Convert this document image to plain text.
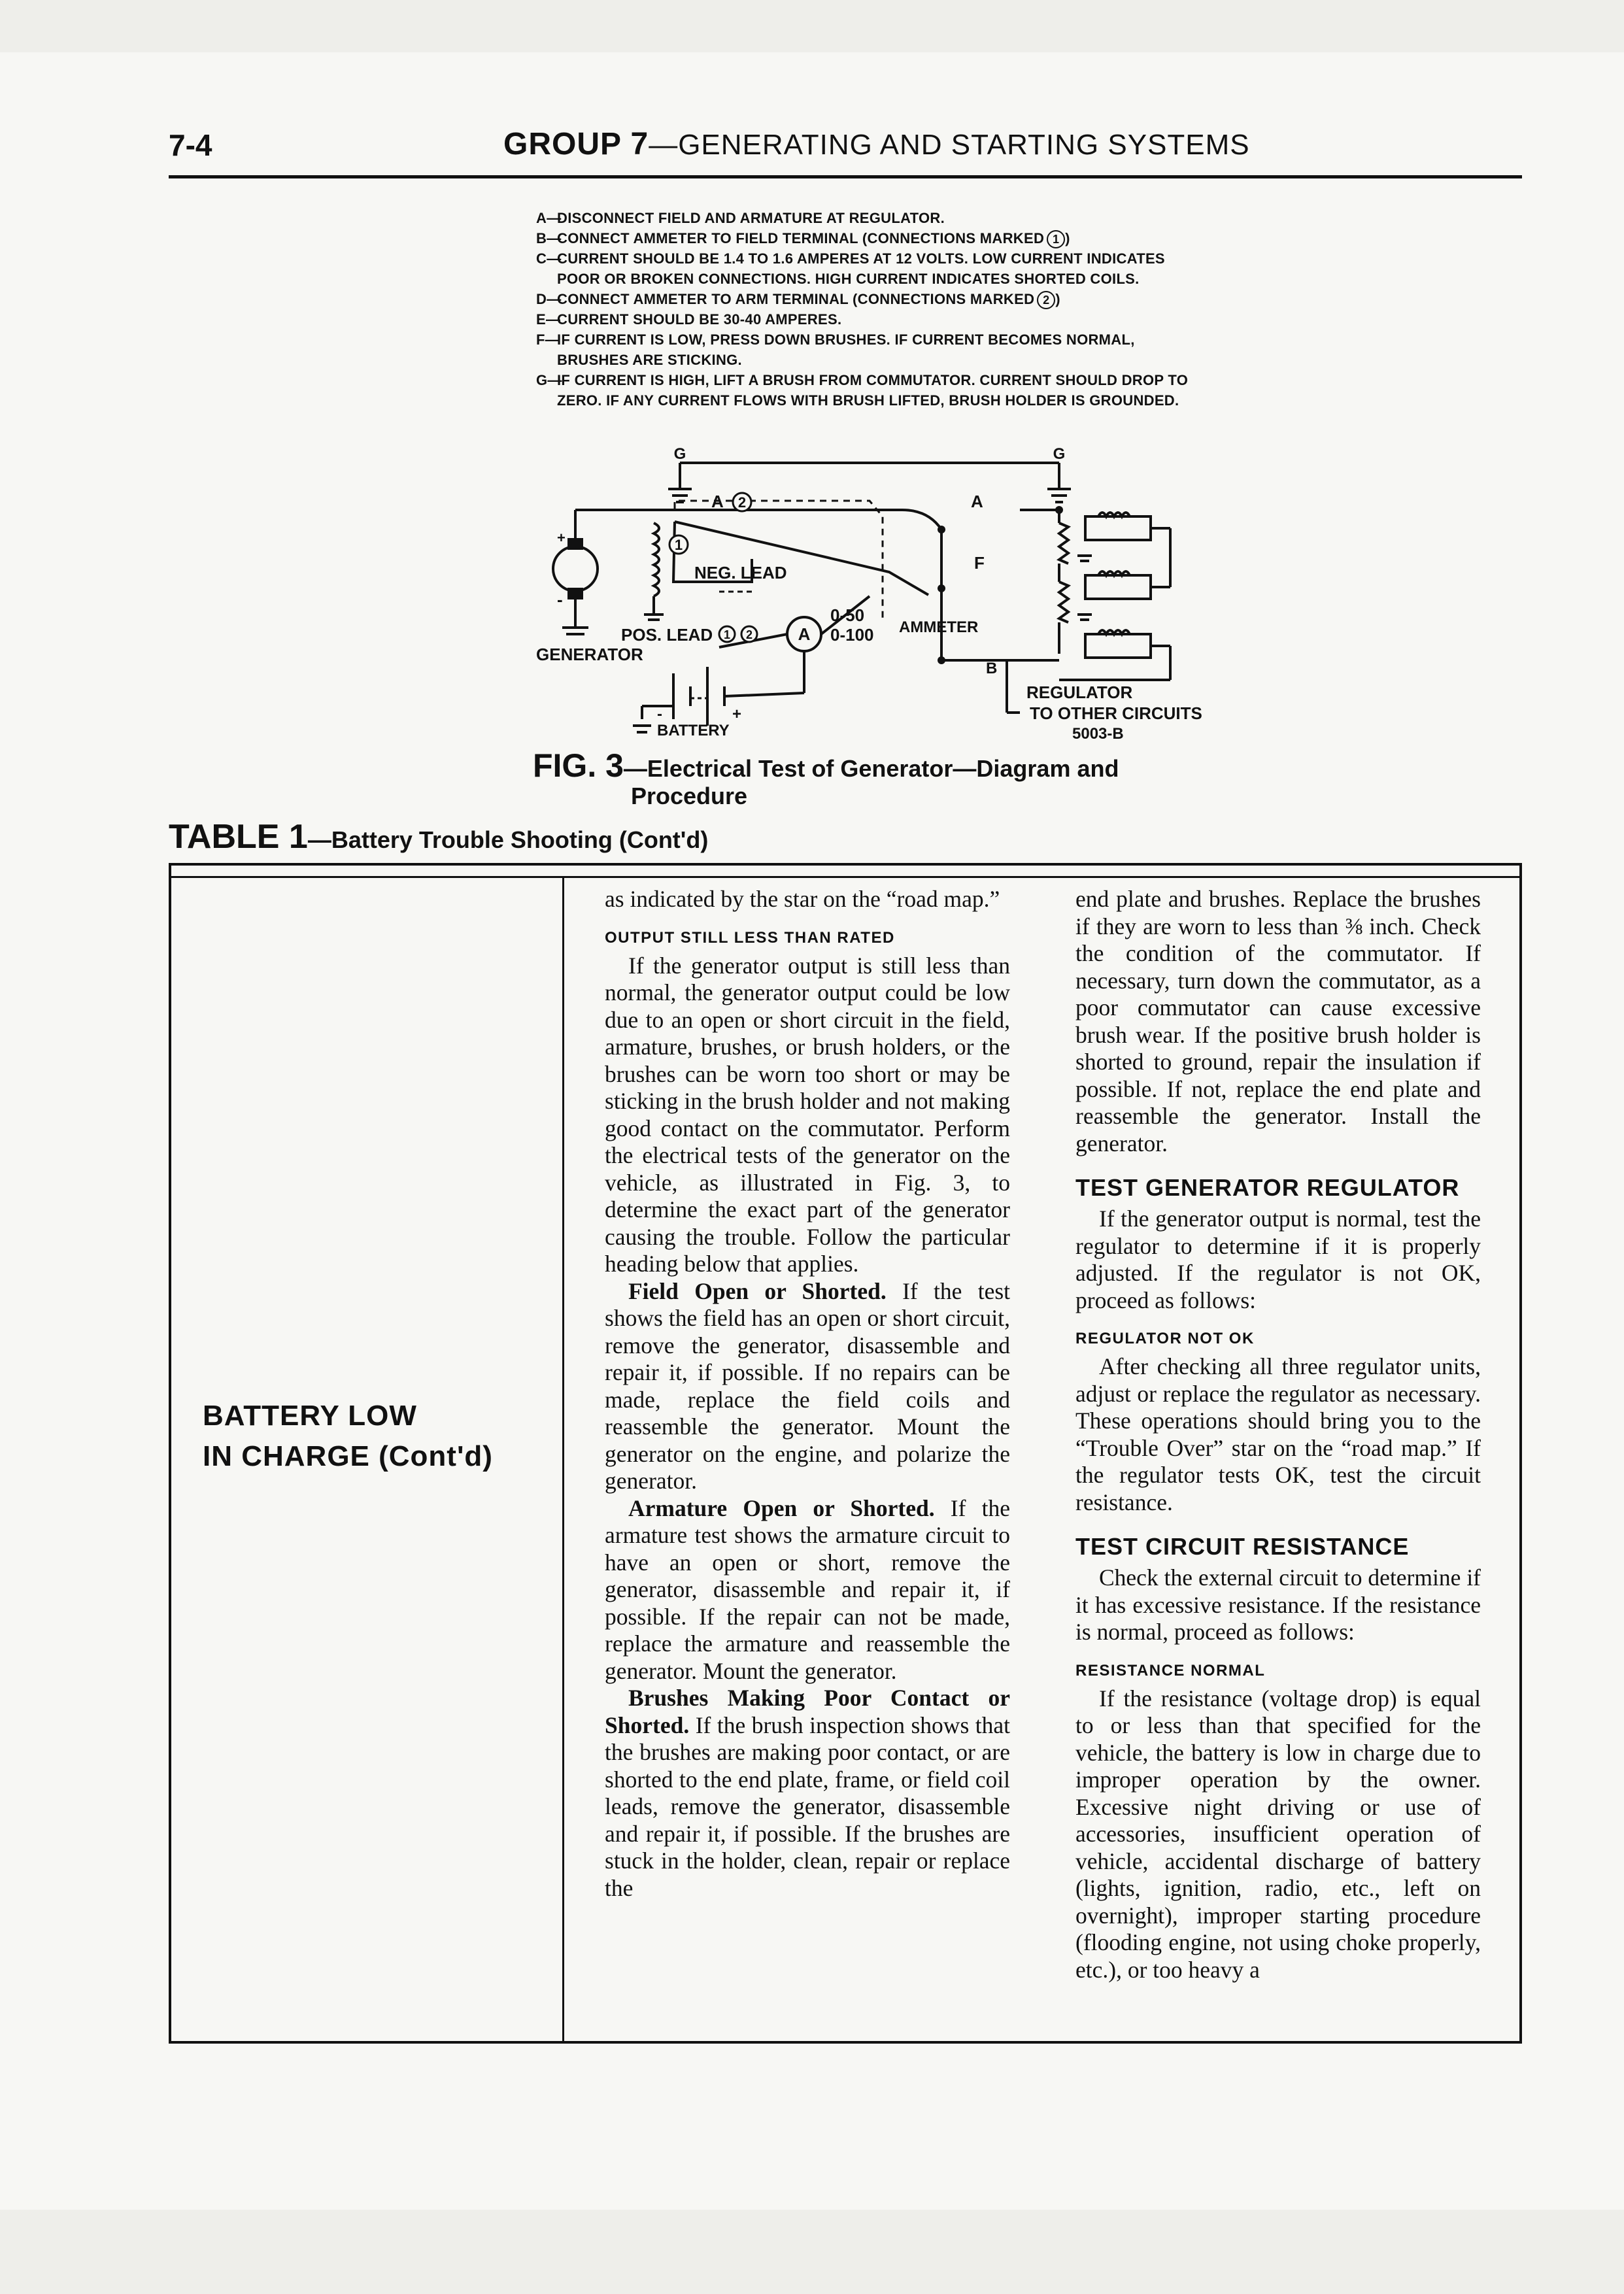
7-4	GROUP 7—GENERATING AND STARTING SYSTEMS

A—
DISCONNECT FIELD AND ARMATURE AT REGULATOR.

B—
CONNECT AMMETER TO FIELD TERMINAL (CONNECTIONS MARKED 1 )

C—
CURRENT SHOULD BE 1.4 TO 1.6 AMPERES AT 12 VOLTS. LOW CURRENT INDICATES POOR OR BROKEN CONNECTIONS. HIGH CURRENT INDICATES SHORTED COILS.

D—
CONNECT AMMETER TO ARM TERMINAL (CONNECTIONS MARKED 2 )

E—
CURRENT SHOULD BE 30-40 AMPERES.

F—
IF CURRENT IS LOW, PRESS DOWN BRUSHES. IF CURRENT BECOMES NORMAL, BRUSHES ARE STICKING.

G—
IF CURRENT IS HIGH, LIFT A BRUSH FROM COMMUTATOR. CURRENT SHOULD DROP TO ZERO. IF ANY CURRENT FLOWS WITH BRUSH LIFTED, BRUSH HOLDER IS GROUNDED.

2
1
1 2
G	G
A	A
+
-
NEG. LEAD
POS. LEAD
GENERATOR
A
0-50
0-100 AMMETER
+
-
BATTERY
F
B
REGULATOR
TO OTHER CIRCUITS
5003-B
FIG. 3—Electrical Test of Generator—Diagram and
Procedure
TABLE 1—Battery Trouble Shooting (Cont'd)
BATTERY LOW
IN CHARGE (Cont'd)

as indicated by the star on the “road map.”

OUTPUT STILL LESS THAN RATED

If the generator output is still less than normal, the generator output could be low due to an open or short circuit in the field, armature, brushes, or brush holders, or the brushes can be worn too short or may be sticking in the brush holder and not making good contact on the commutator. Perform the electrical tests of the generator on the vehicle, as illustrated in Fig. 3, to determine the exact part of the generator causing the trouble. Follow the particular heading below that applies.

Field Open or Shorted. If the test shows the field has an open or short circuit, remove the generator, disassemble and repair it, if possible. If no repairs can be made, replace the field coils and reassemble the generator. Mount the generator on the engine, and polarize the generator.

Armature Open or Shorted. If the armature test shows the armature circuit to have an open or short, remove the generator, disassemble and repair it, if possible. If the repair can not be made, replace the armature and reassemble the generator. Mount the generator.

Brushes Making Poor Contact or Shorted. If the brush inspection shows that the brushes are making poor contact, or are shorted to the end plate, frame, or field coil leads, remove the generator, disassemble and repair it, if possible. If the brushes are stuck in the holder, clean, repair or replace the

end plate and brushes. Replace the brushes if they are worn to less than ⅜ inch. Check the condition of the commutator. If necessary, turn down the commutator, as a poor commutator can cause excessive brush wear. If the positive brush holder is shorted to ground, repair the insulation if possible. If not, replace the end plate and reassemble the generator. Install the generator.

TEST GENERATOR REGULATOR

If the generator output is normal, test the regulator to determine if it is properly adjusted. If the regulator is not OK, proceed as follows:

REGULATOR NOT OK

After checking all three regulator units, adjust or replace the regulator as necessary. These operations should bring you to the “Trouble Over” star on the “road map.” If the regulator tests OK, test the circuit resistance.

TEST CIRCUIT RESISTANCE

Check the external circuit to determine if it has excessive resistance. If the resistance is normal, proceed as follows:

RESISTANCE NORMAL

If the resistance (voltage drop) is equal to or less than that specified for the vehicle, the battery is low in charge due to improper operation by the owner. Excessive night driving or use of accessories, insufficient operation of vehicle, accidental discharge of battery (lights, ignition, radio, etc., left on overnight), improper starting procedure (flooding engine, not using choke properly, etc.), or too heavy a
